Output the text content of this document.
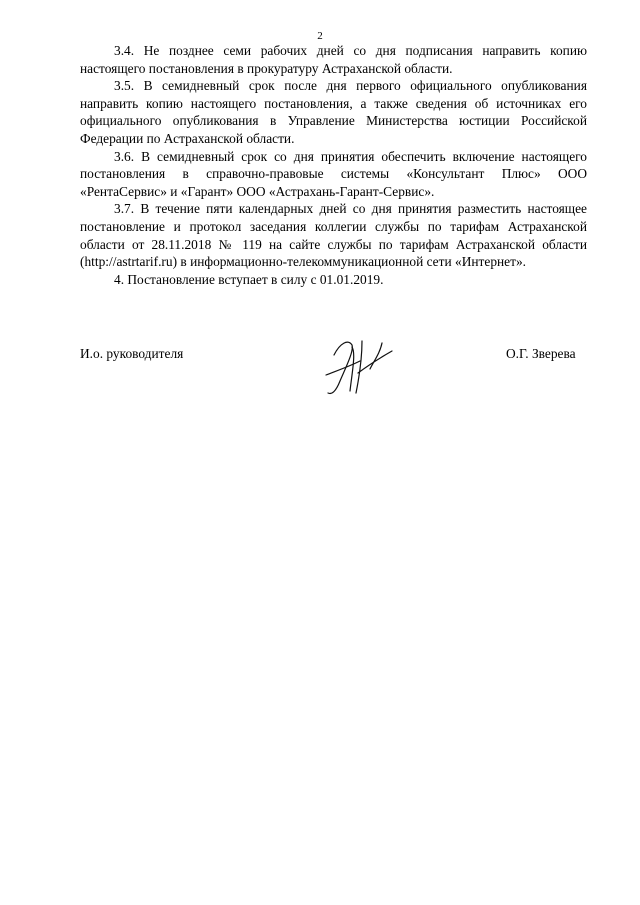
2

3.4. Не позднее семи рабочих дней со дня подписания направить копию настоящего постановления в прокуратуру Астраханской области.

3.5. В семидневный срок после дня первого официального опубликования направить копию настоящего постановления, а также сведения об источниках его официального опубликования в Управление Министерства юстиции Российской Федерации по Астраханской области.

3.6. В семидневный срок со дня принятия обеспечить включение настоящего постановления в справочно-правовые системы «Консультант Плюс» ООО «РентаСервис» и «Гарант» ООО «Астрахань-Гарант-Сервис».

3.7. В течение пяти календарных дней со дня принятия разместить настоящее постановление и протокол заседания коллегии службы по тарифам Астраханской области от 28.11.2018 № 119 на сайте службы по тарифам Астраханской области (http://astrtarif.ru) в информационно-телекоммуникационной сети «Интернет».

4. Постановление вступает в силу с 01.01.2019.

И.о. руководителя	О.Г. Зверева
